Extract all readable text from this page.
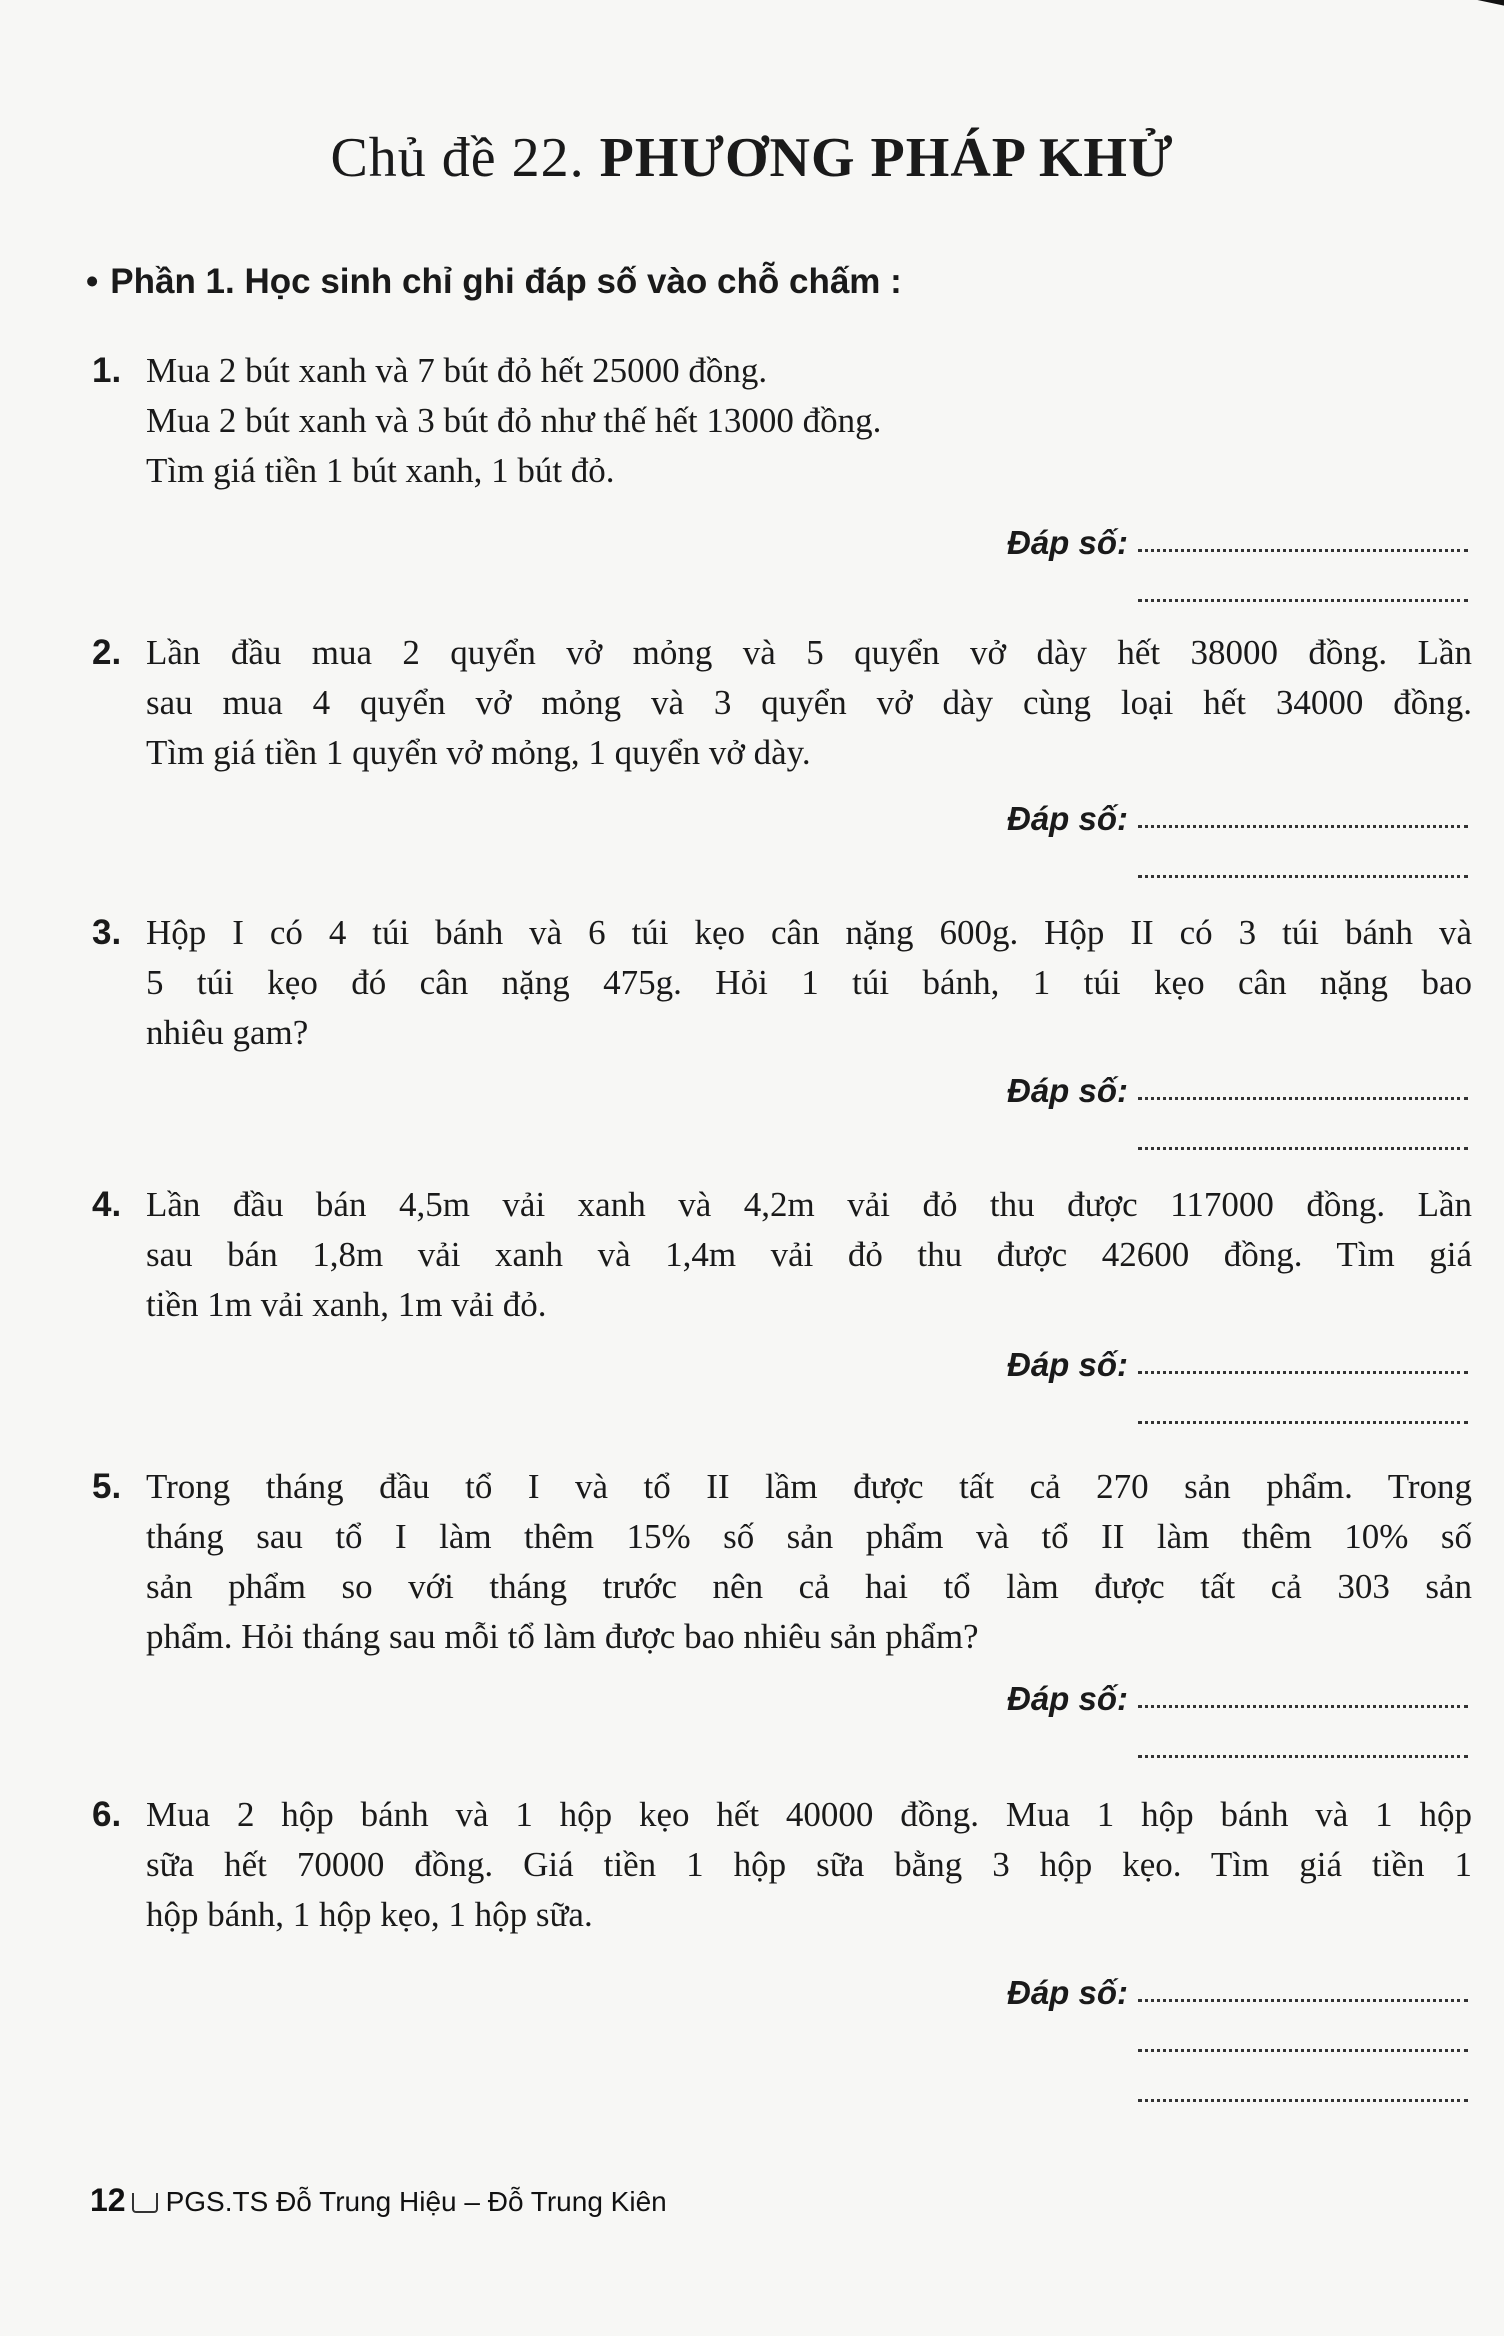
Chủ đề 22. PHƯƠNG PHÁP KHỬ
• Phần 1. Học sinh chỉ ghi đáp số vào chỗ chấm :
1. Mua 2 bút xanh và 7 bút đỏ hết 25000 đồng.
Mua 2 bút xanh và 3 bút đỏ như thế hết 13000 đồng.
Tìm giá tiền 1 bút xanh, 1 bút đỏ.
Đáp số:
2. Lần đầu mua 2 quyển vở mỏng và 5 quyển vở dày hết 38000 đồng. Lần
sau mua 4 quyển vở mỏng và 3 quyển vở dày cùng loại hết 34000 đồng.
Tìm giá tiền 1 quyển vở mỏng, 1 quyển vở dày.
Đáp số:
3. Hộp I có 4 túi bánh và 6 túi kẹo cân nặng 600g. Hộp II có 3 túi bánh và
5 túi kẹo đó cân nặng 475g. Hỏi 1 túi bánh, 1 túi kẹo cân nặng bao
nhiêu gam?
Đáp số:
4. Lần đầu bán 4,5m vải xanh và 4,2m vải đỏ thu được 117000 đồng. Lần
sau bán 1,8m vải xanh và 1,4m vải đỏ thu được 42600 đồng. Tìm giá
tiền 1m vải xanh, 1m vải đỏ.
Đáp số:
5. Trong tháng đầu tổ I và tổ II lầm được tất cả 270 sản phẩm. Trong
tháng sau tổ I làm thêm 15% số sản phẩm và tổ II làm thêm 10% số
sản phẩm so với tháng trước nên cả hai tổ làm được tất cả 303 sản
phẩm. Hỏi tháng sau mỗi tổ làm được bao nhiêu sản phẩm?
Đáp số:
6. Mua 2 hộp bánh và 1 hộp kẹo hết 40000 đồng. Mua 1 hộp bánh và 1 hộp
sữa hết 70000 đồng. Giá tiền 1 hộp sữa bằng 3 hộp kẹo. Tìm giá tiền 1
hộp bánh, 1 hộp kẹo, 1 hộp sữa.
Đáp số:
12 PGS.TS Đỗ Trung Hiệu – Đỗ Trung Kiên
